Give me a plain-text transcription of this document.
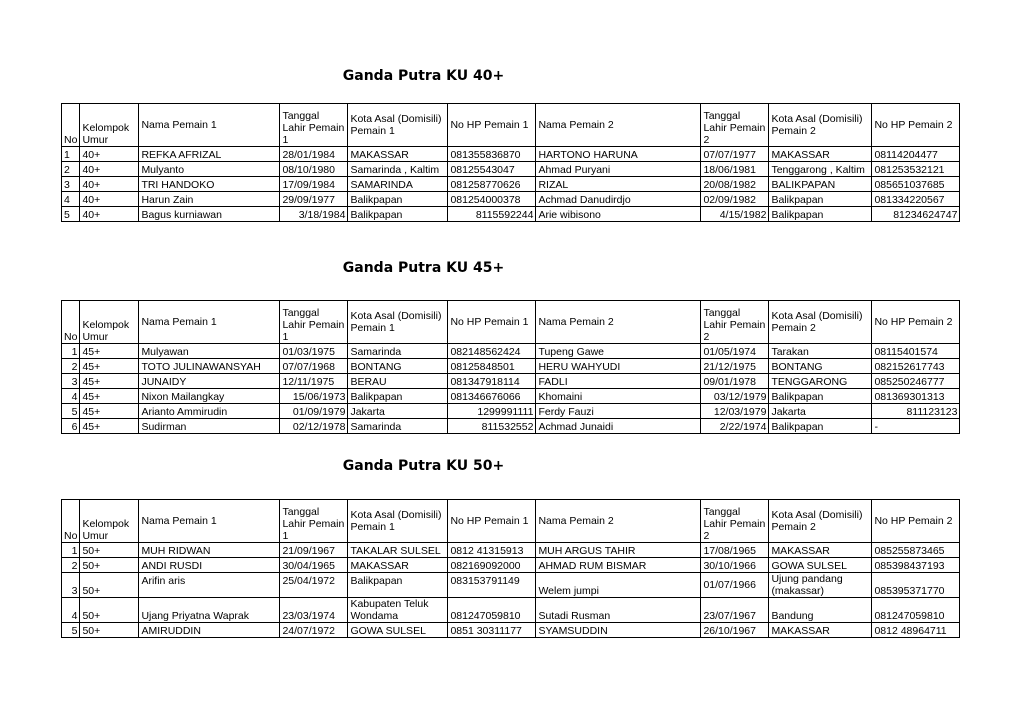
Ganda Putra KU 40+
No	Kelompok Umur	Nama Pemain 1	Tanggal Lahir Pemain 1	Kota Asal (Domisili) Pemain 1	No HP Pemain 1	Nama Pemain 2	Tanggal Lahir Pemain 2	Kota Asal (Domisili) Pemain 2	No HP Pemain 2
1	40+	REFKA AFRIZAL	28/01/1984	MAKASSAR	081355836870	HARTONO HARUNA	07/07/1977	MAKASSAR	08114204477
2	40+	Mulyanto	08/10/1980	Samarinda , Kaltim	08125543047	Ahmad Puryani	18/06/1981	Tenggarong , Kaltim	081253532121
3	40+	TRI HANDOKO	17/09/1984	SAMARINDA	081258770626	RIZAL	20/08/1982	BALIKPAPAN	085651037685
4	40+	Harun Zain	29/09/1977	Balikpapan	081254000378	Achmad Danudirdjo	02/09/1982	Balikpapan	081334220567
5	40+	Bagus kurniawan	3/18/1984	Balikpapan	8115592244	Arie wibisono	4/15/1982	Balikpapan	81234624747
Ganda Putra KU 45+
No	Kelompok Umur	Nama Pemain 1	Tanggal Lahir Pemain 1	Kota Asal (Domisili) Pemain 1	No HP Pemain 1	Nama Pemain 2	Tanggal Lahir Pemain 2	Kota Asal (Domisili) Pemain 2	No HP Pemain 2
1	45+	Mulyawan	01/03/1975	Samarinda	082148562424	Tupeng Gawe	01/05/1974	Tarakan	08115401574
2	45+	TOTO JULINAWANSYAH	07/07/1968	BONTANG	08125848501	HERU WAHYUDI	21/12/1975	BONTANG	082152617743
3	45+	JUNAIDY	12/11/1975	BERAU	081347918114	FADLI	09/01/1978	TENGGARONG	085250246777
4	45+	Nixon Mailangkay	15/06/1973	Balikpapan	081346676066	Khomaini	03/12/1979	Balikpapan	081369301313
5	45+	Arianto Ammirudin	01/09/1979	Jakarta	1299991111	Ferdy Fauzi	12/03/1979	Jakarta	811123123
6	45+	Sudirman	02/12/1978	Samarinda	811532552	Achmad Junaidi	2/22/1974	Balikpapan	-
Ganda Putra KU 50+
No	Kelompok Umur	Nama Pemain 1	Tanggal Lahir Pemain 1	Kota Asal (Domisili) Pemain 1	No HP Pemain 1	Nama Pemain 2	Tanggal Lahir Pemain 2	Kota Asal (Domisili) Pemain 2	No HP Pemain 2
1	50+	MUH RIDWAN	21/09/1967	TAKALAR SULSEL	0812 41315913	MUH ARGUS TAHIR	17/08/1965	MAKASSAR	085255873465
2	50+	ANDI RUSDI	30/04/1965	MAKASSAR	082169092000	AHMAD RUM BISMAR	30/10/1966	GOWA SULSEL	085398437193
3	50+	Arifin aris	25/04/1972	Balikpapan	083153791149	Welem jumpi	01/07/1966	Ujung pandang (makassar)	085395371770
4	50+	Ujang Priyatna Waprak	23/03/1974	Kabupaten Teluk Wondama	081247059810	Sutadi Rusman	23/07/1967	Bandung	081247059810
5	50+	AMIRUDDIN	24/07/1972	GOWA SULSEL	0851 30311177	SYAMSUDDIN	26/10/1967	MAKASSAR	0812 48964711
